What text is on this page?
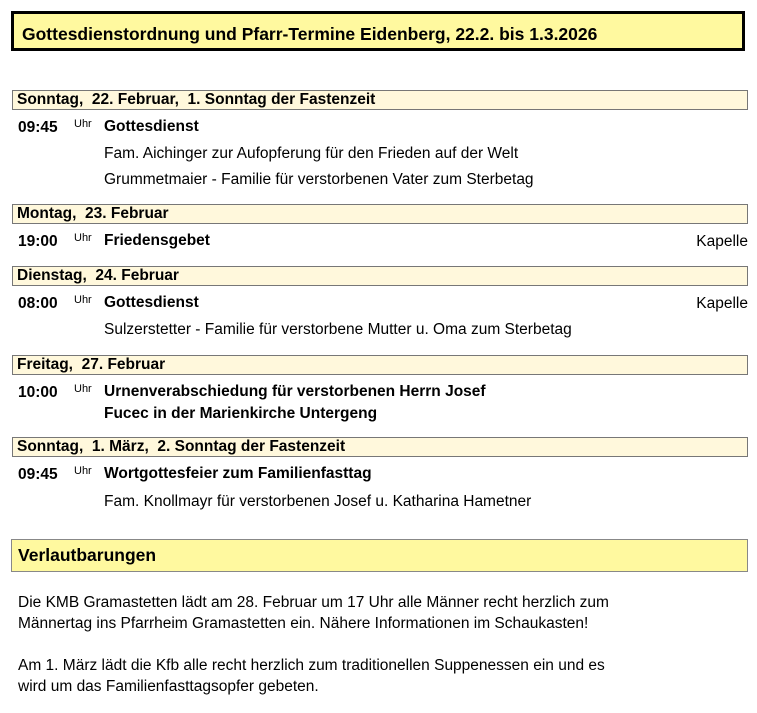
Gottesdienstordnung und Pfarr-Termine Eidenberg, 22.2. bis 1.3.2026
Sonntag,  22. Februar,  1. Sonntag der Fastenzeit
09:45 Uhr Gottesdienst
Fam. Aichinger zur Aufopferung für den Frieden auf der Welt
Grummetmaier - Familie für verstorbenen Vater zum Sterbetag
Montag,  23. Februar
19:00 Uhr Friedensgebet	Kapelle
Dienstag,  24. Februar
08:00 Uhr Gottesdienst	Kapelle
Sulzerstetter - Familie für verstorbene Mutter u. Oma zum Sterbetag
Freitag,  27. Februar
10:00 Uhr Urnenverabschiedung für verstorbenen Herrn Josef
Fucec in der Marienkirche Untergeng
Sonntag,  1. März,  2. Sonntag der Fastenzeit
09:45 Uhr Wortgottesfeier zum Familienfasttag
Fam. Knollmayr für verstorbenen Josef u. Katharina Hametner
Verlautbarungen
Die KMB Gramastetten lädt am 28. Februar um 17 Uhr alle Männer recht herzlich zum
Männertag ins Pfarrheim Gramastetten ein. Nähere Informationen im Schaukasten!
Am 1. März lädt die Kfb alle recht herzlich zum traditionellen Suppenessen ein und es
wird um das Familienfasttagsopfer gebeten.
